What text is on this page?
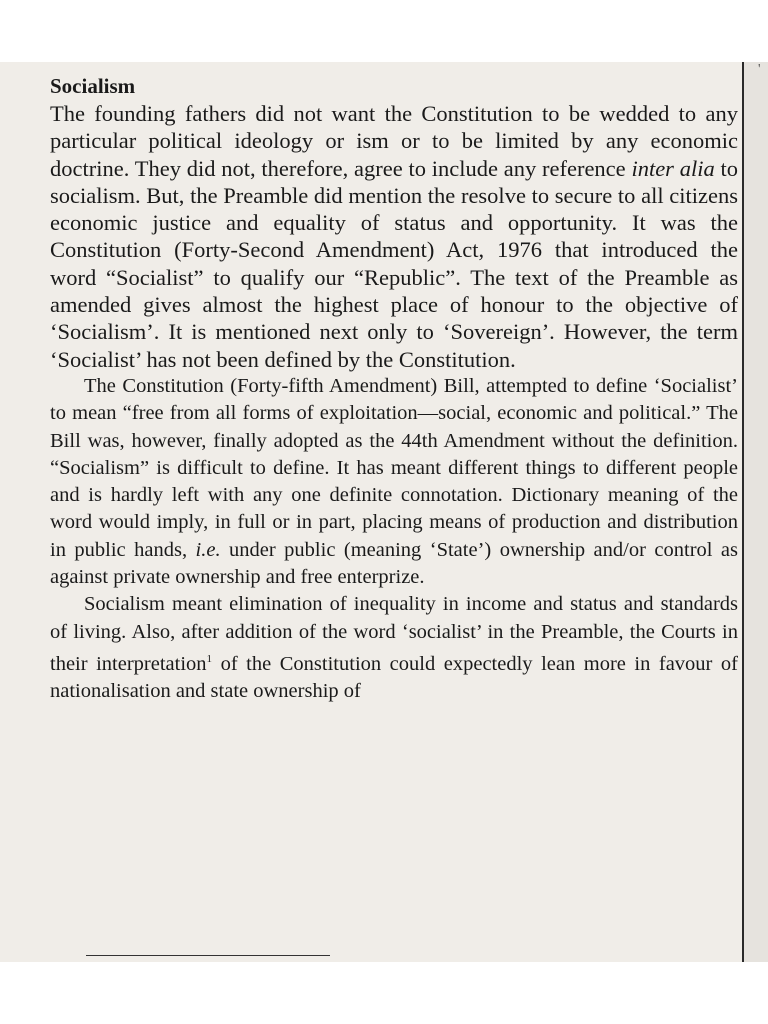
'

Socialism

The founding fathers did not want the Constitution to be wedded to any particular political ideology or ism or to be limited by any economic doctrine. They did not, therefore, agree to include any reference inter alia to socialism. But, the Preamble did mention the resolve to secure to all citizens economic justice and equality of status and opportunity. It was the Constitution (Forty-Second Amendment) Act, 1976 that introduced the word “Socialist” to qualify our “Republic”. The text of the Preamble as amended gives almost the highest place of honour to the objective of ‘Socialism’. It is mentioned next only to ‘Sovereign’. However, the term ‘Socialist’ has not been defined by the Constitution.

The Constitution (Forty-fifth Amendment) Bill, attempted to define ‘Socialist’ to mean “free from all forms of exploitation—social, economic and political.” The Bill was, however, finally adopted as the 44th Amendment without the definition. “Socialism” is difficult to define. It has meant different things to different people and is hardly left with any one definite connotation. Dictionary meaning of the word would imply, in full or in part, placing means of production and distribution in public hands, i.e. under public (meaning ‘State’) ownership and/or control as against private ownership and free enterprize.

Socialism meant elimination of inequality in income and status and standards of living. Also, after addition of the word ‘socialist’ in the Preamble, the Courts in their interpretation$^1$ of the Constitution could expectedly lean more in favour of nationalisation and state ownership of
